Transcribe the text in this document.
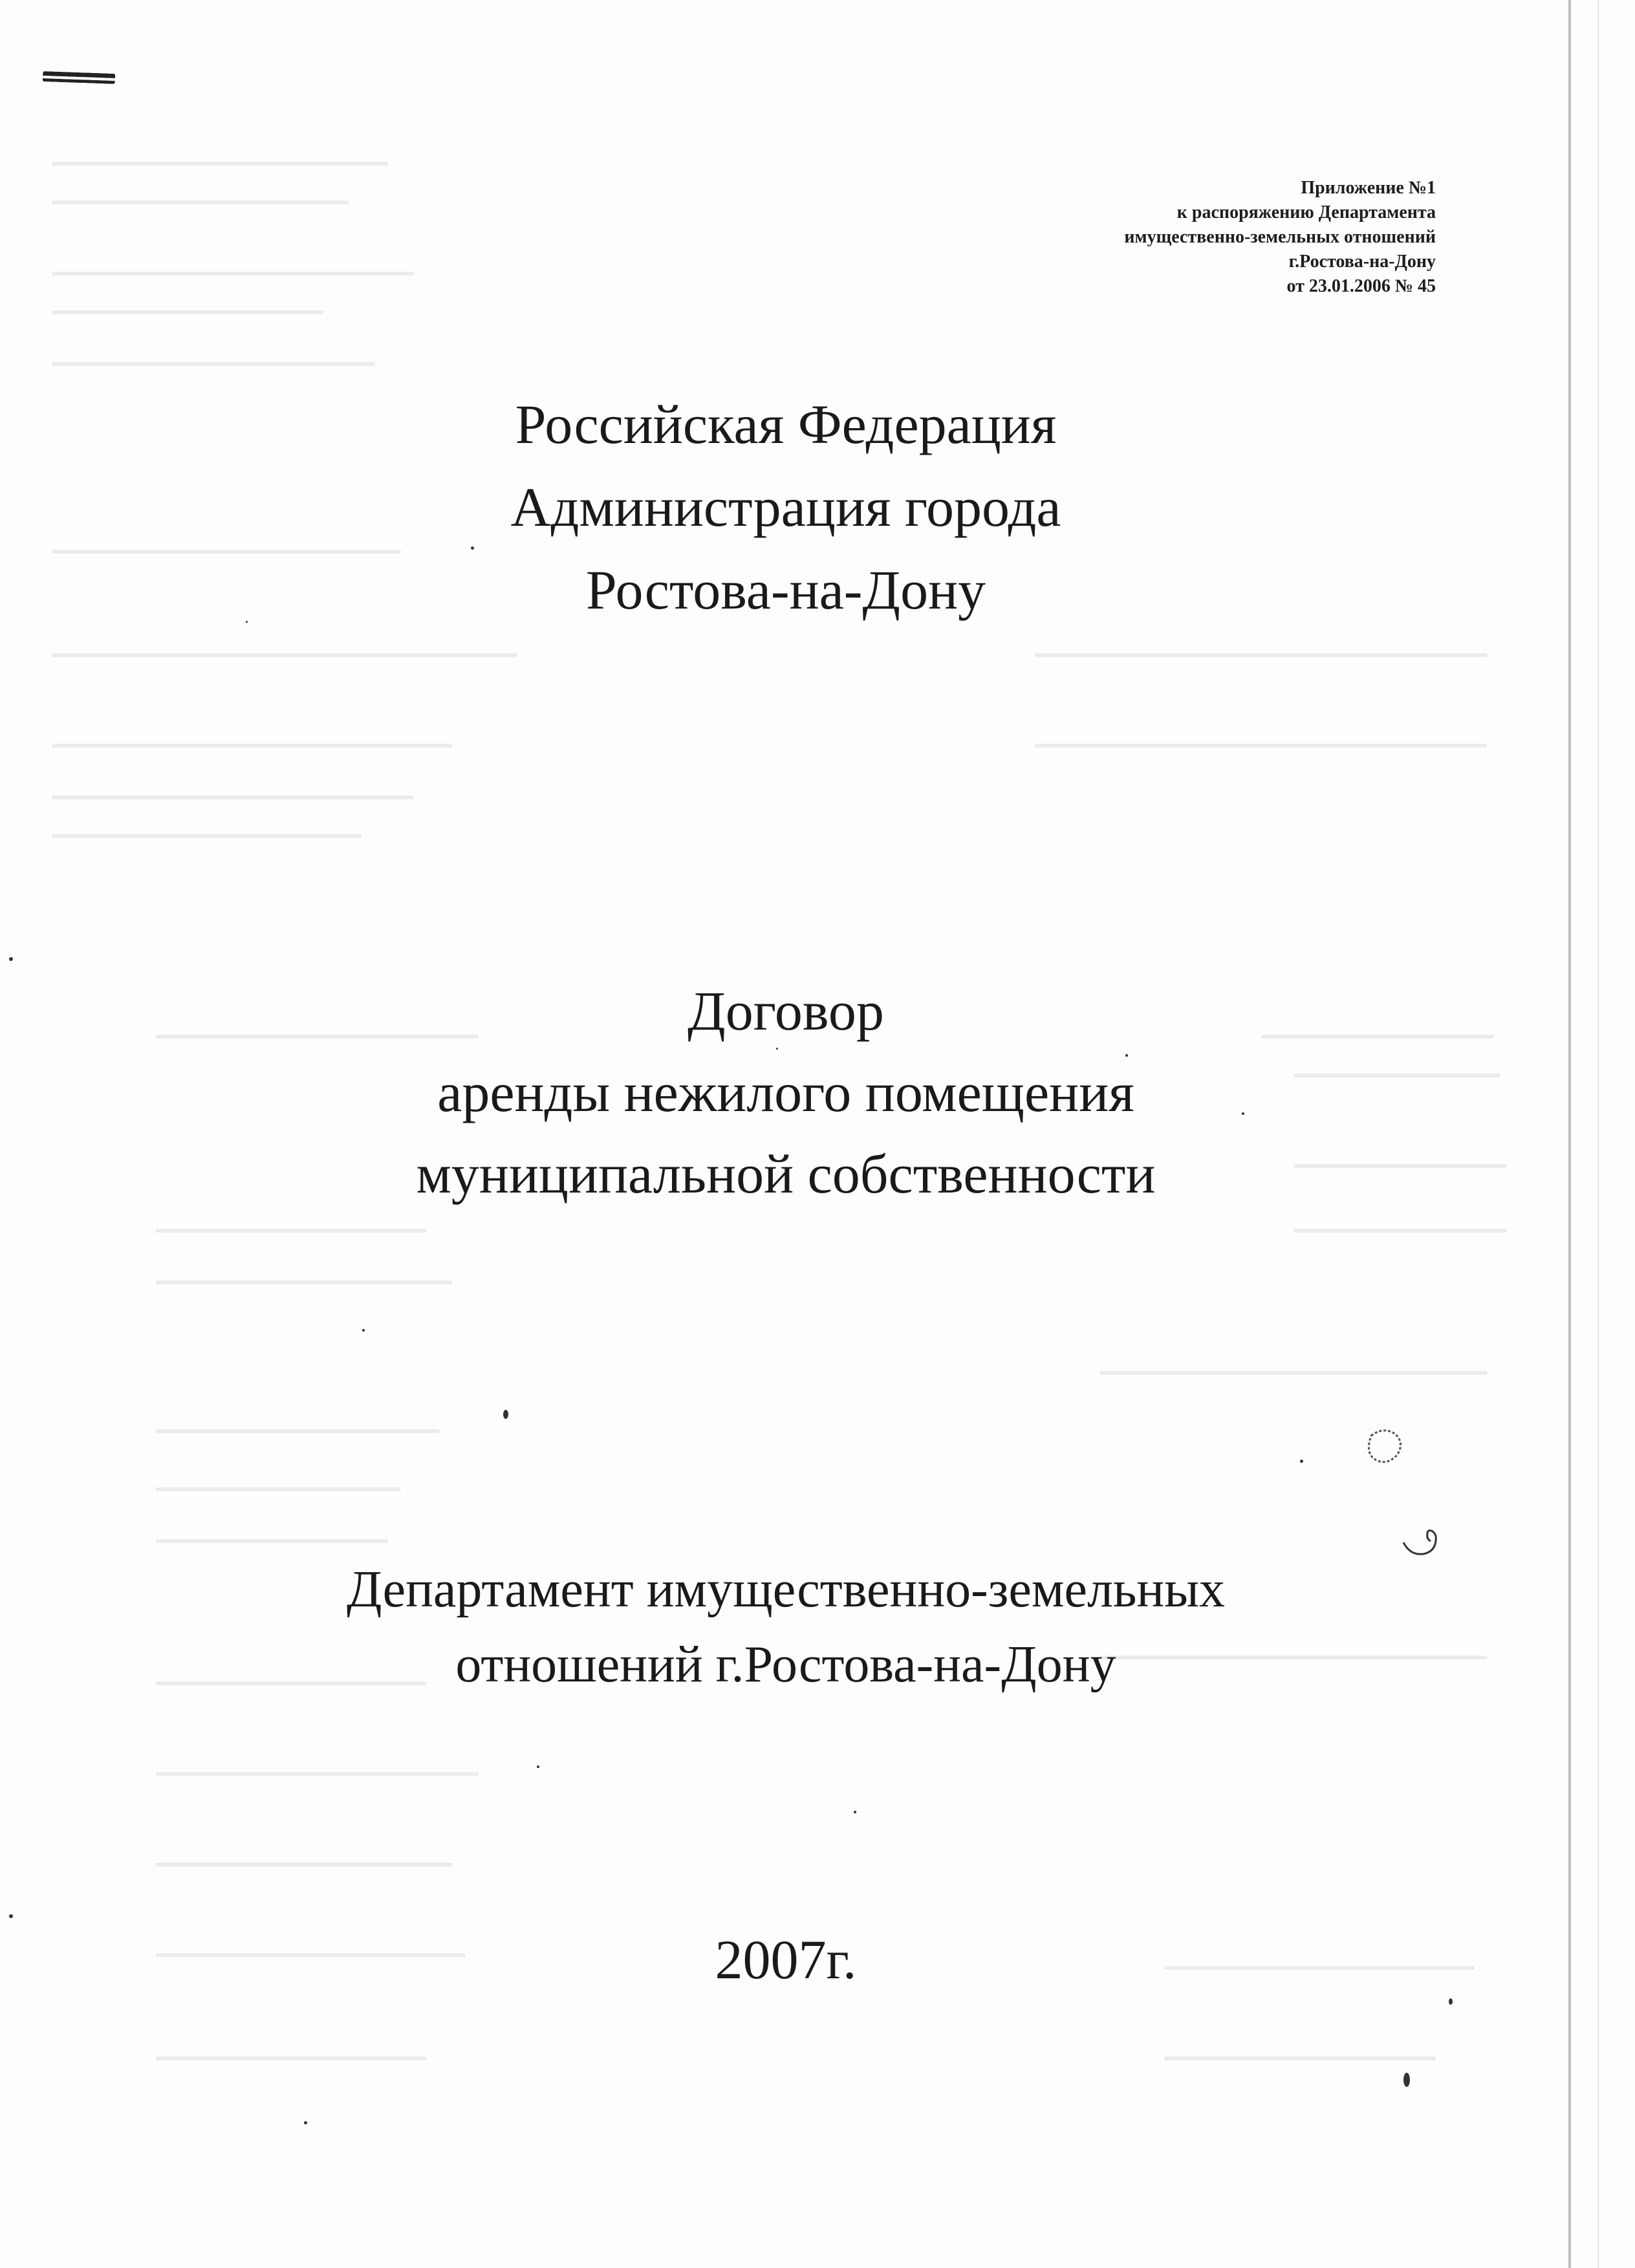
Приложение №1
к распоряжению Департамента
имущественно-земельных отношений
г.Ростова-на-Дону
от 23.01.2006 № 45
Российская Федерация
Администрация города
Ростова-на-Дону
Договор
аренды нежилого помещения
муниципальной собственности
Департамент имущественно-земельных
отношений г.Ростова-на-Дону
2007г.
